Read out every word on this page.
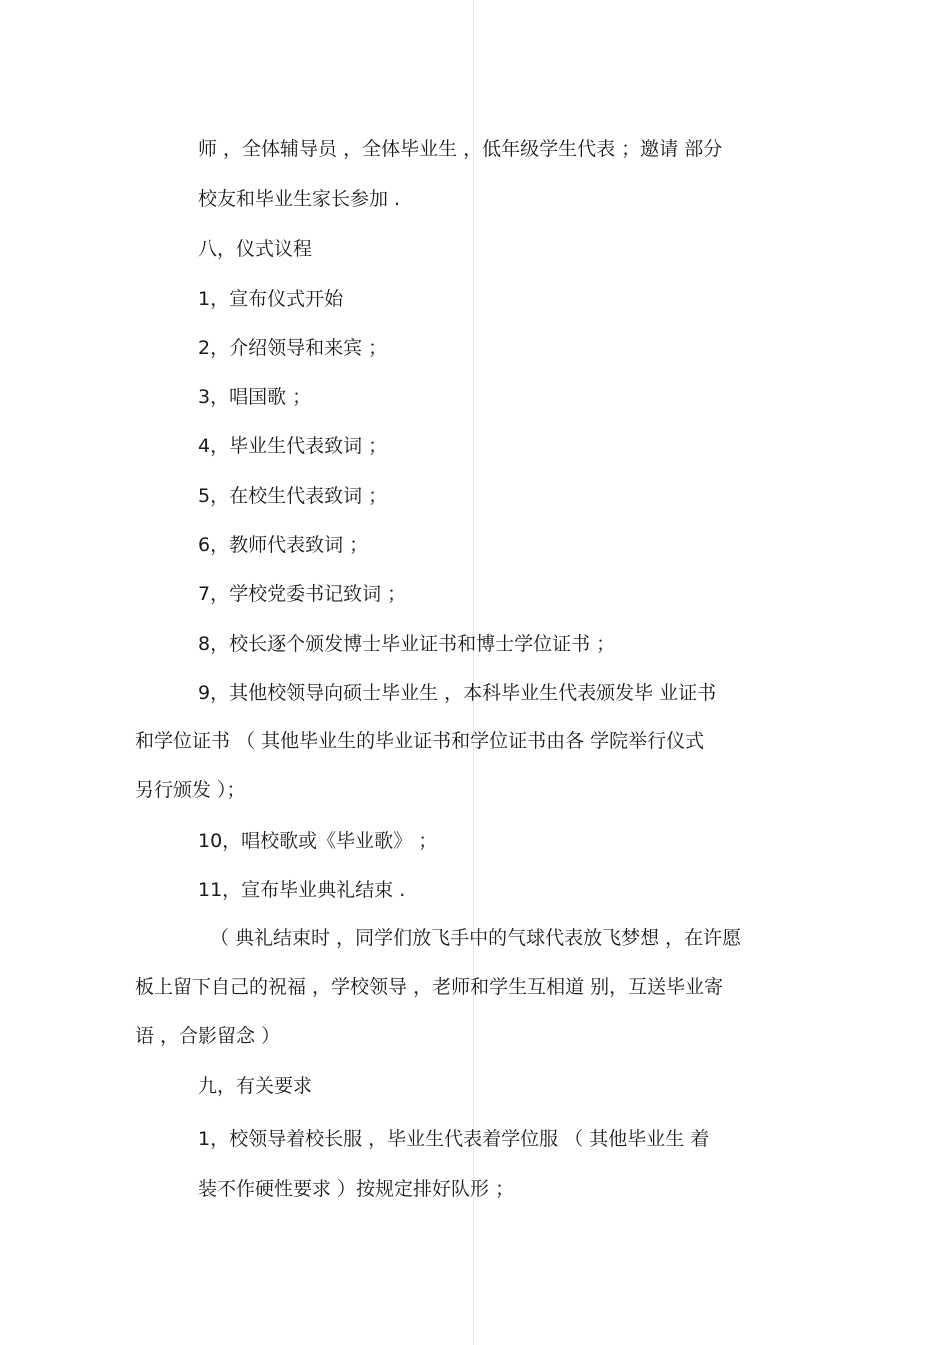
师 ，全体辅导员 ，全体毕业生 ，低年级学生代表 ；邀请 部分

校友和毕业生家长参加 .

八，仪式议程

1，宣布仪式开始

2，介绍领导和来宾 ；

3，唱国歌 ；

4，毕业生代表致词 ；

5，在校生代表致词 ；

6，教师代表致词 ；

7，学校党委书记致词 ；

8，校长逐个颁发博士毕业证书和博士学位证书 ；

9，其他校领导向硕士毕业生 ，本科毕业生代表颁发毕 业证书

和学位证书 （ 其他毕业生的毕业证书和学位证书由各 学院举行仪式

另行颁发 ）；

10，唱校歌或《毕业歌》 ；

11，宣布毕业典礼结束 .

（ 典礼结束时 ，同学们放飞手中的气球代表放飞梦想 ，在许愿

板上留下自己的祝福 ，学校领导 ，老师和学生互相道 别，互送毕业寄

语 ，合影留念 ）

九，有关要求

1，校领导着校长服 ，毕业生代表着学位服 （ 其他毕业生 着

装不作硬性要求 ）按规定排好队形 ；
